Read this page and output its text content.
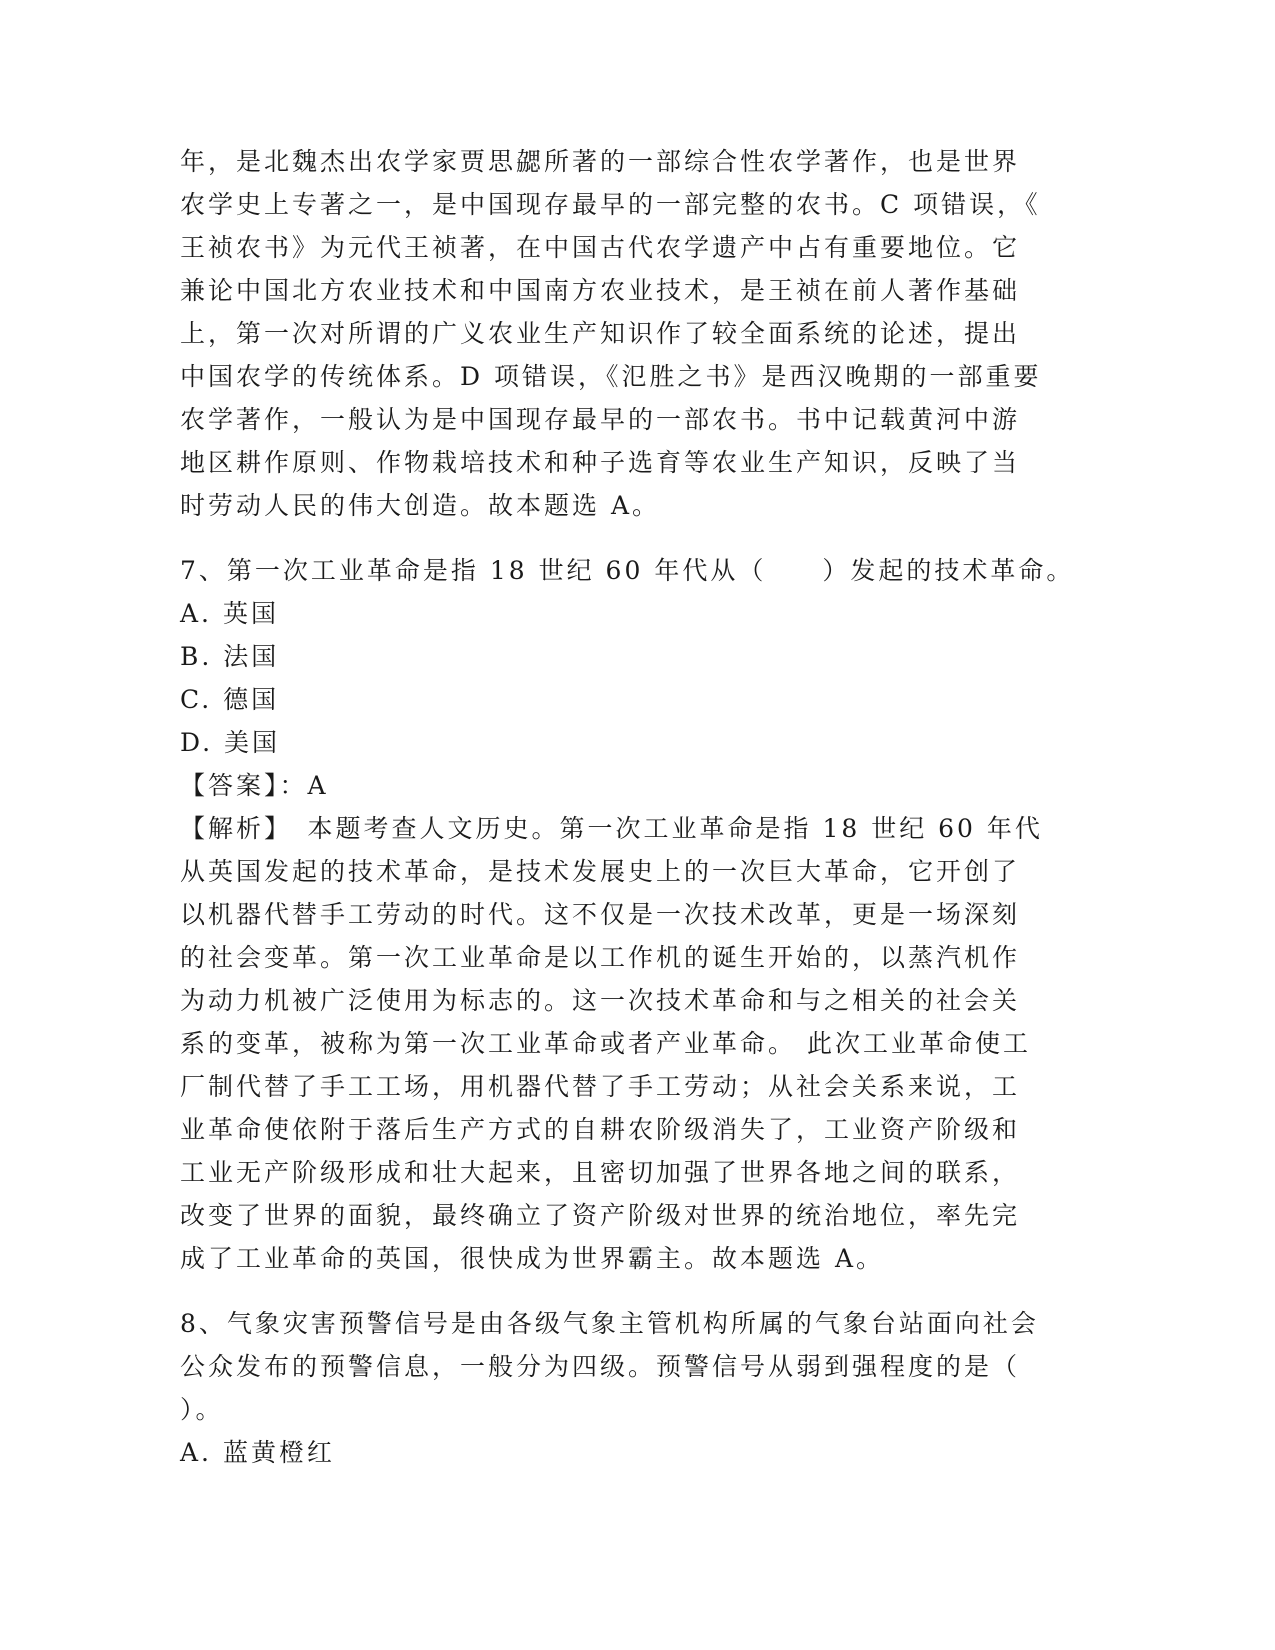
年，是北魏杰出农学家贾思勰所著的一部综合性农学著作，也是世界
农学史上专著之一，是中国现存最早的一部完整的农书。C 项错误，《
王祯农书》为元代王祯著，在中国古代农学遗产中占有重要地位。它
兼论中国北方农业技术和中国南方农业技术，是王祯在前人著作基础
上，第一次对所谓的广义农业生产知识作了较全面系统的论述，提出
中国农学的传统体系。D 项错误，《氾胜之书》是西汉晚期的一部重要
农学著作，一般认为是中国现存最早的一部农书。书中记载黄河中游
地区耕作原则、作物栽培技术和种子选育等农业生产知识，反映了当
时劳动人民的伟大创造。故本题选 A。
7、第一次工业革命是指 18 世纪 60 年代从（　　）发起的技术革命。
A. 英国
B. 法国
C. 德国
D. 美国
【答案】：A
【解析】　本题考查人文历史。第一次工业革命是指 18 世纪 60 年代
从英国发起的技术革命，是技术发展史上的一次巨大革命，它开创了
以机器代替手工劳动的时代。这不仅是一次技术改革，更是一场深刻
的社会变革。第一次工业革命是以工作机的诞生开始的，以蒸汽机作
为动力机被广泛使用为标志的。这一次技术革命和与之相关的社会关
系的变革，被称为第一次工业革命或者产业革命。 此次工业革命使工
厂制代替了手工工场，用机器代替了手工劳动；从社会关系来说，工
业革命使依附于落后生产方式的自耕农阶级消失了，工业资产阶级和
工业无产阶级形成和壮大起来，且密切加强了世界各地之间的联系，
改变了世界的面貌，最终确立了资产阶级对世界的统治地位，率先完
成了工业革命的英国，很快成为世界霸主。故本题选 A。
8、气象灾害预警信号是由各级气象主管机构所属的气象台站面向社会
公众发布的预警信息，一般分为四级。预警信号从弱到强程度的是（
）。
A. 蓝黄橙红
